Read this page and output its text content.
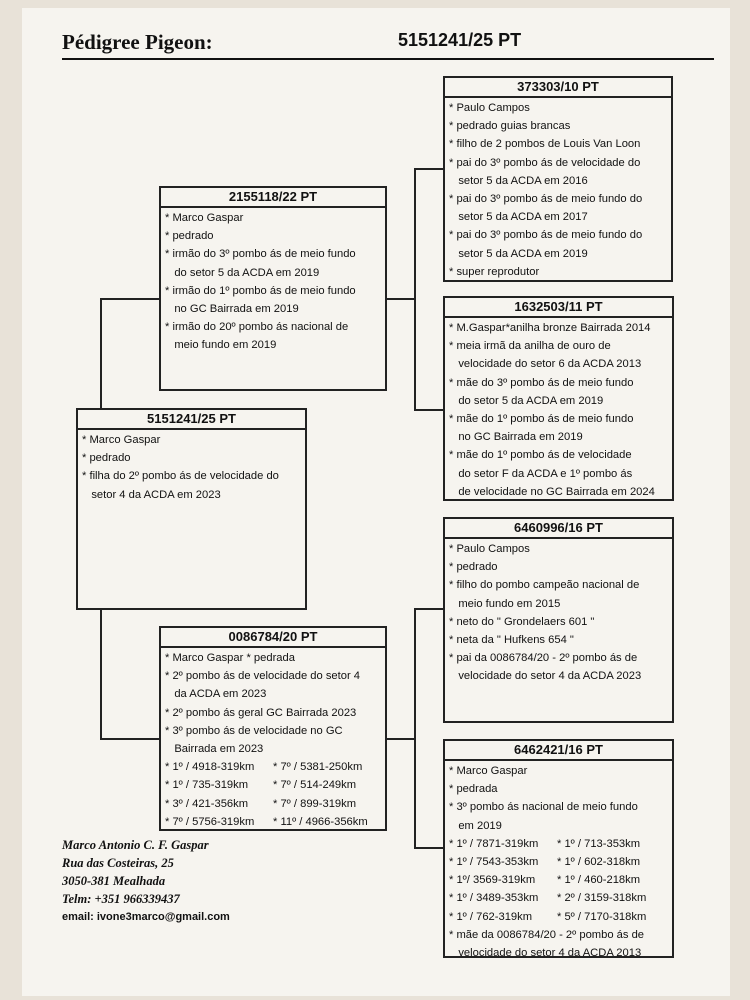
Pédigree Pigeon:	5151241/25 PT
5151241/25 PT
* Marco Gaspar
* pedrado
* filha do 2º pombo ás de velocidade do
setor 4 da ACDA em 2023
2155118/22 PT
* Marco Gaspar
* pedrado
* irmão do 3º pombo ás de meio fundo
do setor 5 da ACDA em 2019
* irmão do 1º pombo ás de meio fundo
no GC Bairrada em 2019
* irmão do 20º pombo ás nacional de
meio fundo em 2019
0086784/20 PT
* Marco Gaspar * pedrada
* 2º pombo ás de velocidade do setor 4
da ACDA em 2023
* 2º pombo ás geral GC Bairrada 2023
* 3º pombo ás de velocidade no GC
Bairrada em 2023
* 1º / 4918-319km	* 7º / 5381-250km
* 1º / 735-319km	* 7º / 514-249km
* 3º / 421-356km	* 7º / 899-319km
* 7º / 5756-319km	* 11º / 4966-356km
373303/10 PT
* Paulo Campos
* pedrado guias brancas
* filho de 2 pombos de Louis Van Loon
* pai do 3º pombo ás de velocidade do
setor 5 da ACDA em 2016
* pai do 3º pombo ás de meio fundo do
setor 5 da ACDA em 2017
* pai do 3º pombo ás de meio fundo do
setor 5 da ACDA em 2019
* super reprodutor
1632503/11 PT
* M.Gaspar*anilha bronze Bairrada 2014
* meia irmã da anilha de ouro de
velocidade do setor 6 da ACDA 2013
* mãe do 3º pombo ás de meio fundo
do setor 5 da ACDA em 2019
* mãe do 1º pombo ás de meio fundo
no GC Bairrada em 2019
* mãe do 1º pombo ás de velocidade
do setor F da ACDA e 1º pombo ás
de velocidade no GC Bairrada em 2024
6460996/16 PT
* Paulo Campos
* pedrado
* filho do pombo campeão nacional de
meio fundo em 2015
* neto do " Grondelaers 601 "
* neta da " Hufkens 654 "
* pai da 0086784/20 - 2º pombo ás de
velocidade do setor 4 da ACDA 2023
6462421/16 PT
* Marco Gaspar
* pedrada
* 3º pombo ás nacional de meio fundo
em 2019
* 1º / 7871-319km	* 1º / 713-353km
* 1º / 7543-353km	* 1º / 602-318km
* 1º/ 3569-319km	* 1º / 460-218km
* 1º / 3489-353km	* 2º / 3159-318km
* 1º / 762-319km	* 5º / 7170-318km
* mãe da 0086784/20 - 2º pombo ás de
velocidade do setor 4 da ACDA 2013
Marco Antonio C. F. Gaspar
Rua das Costeiras, 25
3050-381 Mealhada
Telm: +351 966339437
email: ivone3marco@gmail.com
